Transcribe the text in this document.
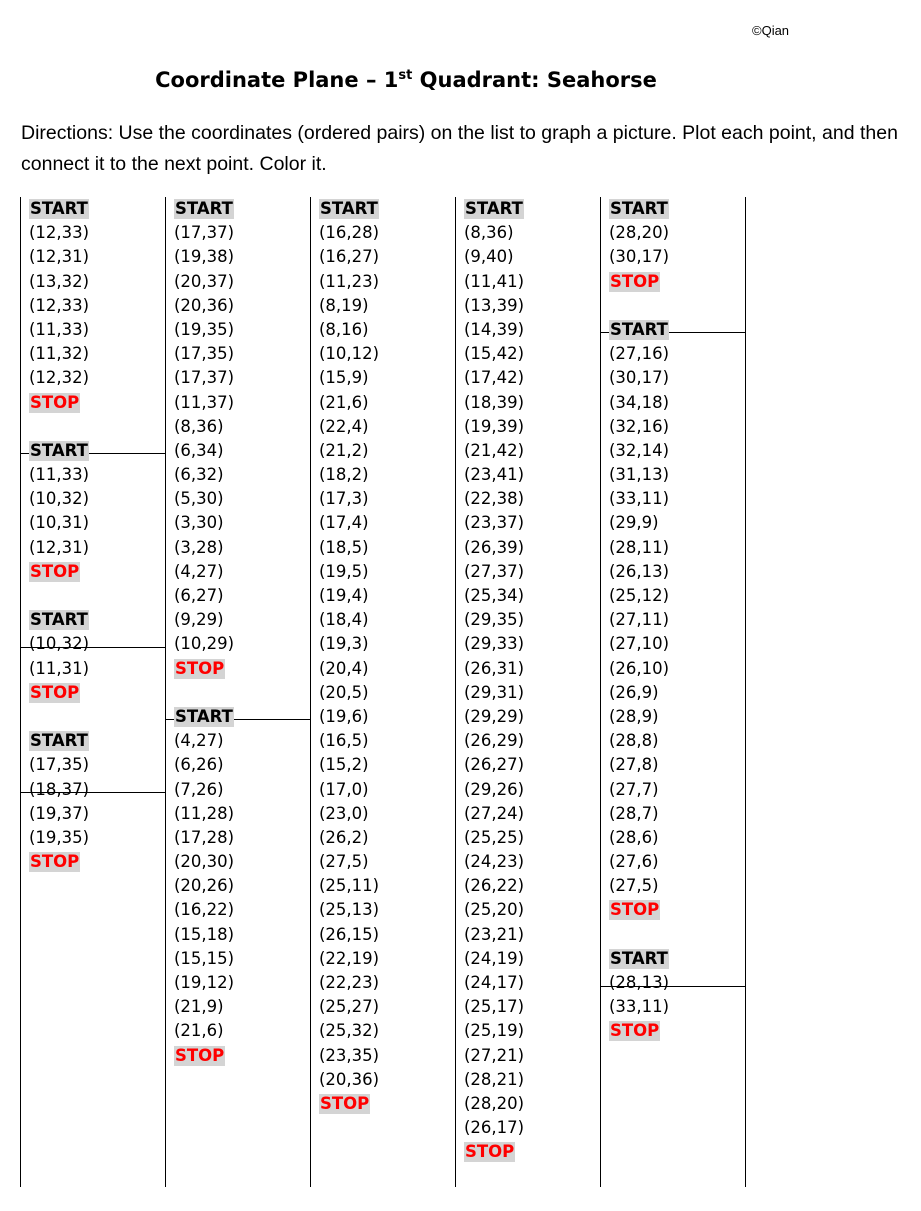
©Qian
Coordinate Plane – 1st Quadrant: Seahorse
Directions: Use the coordinates (ordered pairs) on the list to graph a picture. Plot each point, and then connect it to the next point. Color it.
START
(12,33)
(12,31)
(13,32)
(12,33)
(11,33)
(11,32)
(12,32)
STOP
START
(11,33)
(10,32)
(10,31)
(12,31)
STOP
START
(10,32)
(11,31)
STOP
START
(17,35)
(18,37)
(19,37)
(19,35)
STOP
START
(17,37)
(19,38)
(20,37)
(20,36)
(19,35)
(17,35)
(17,37)
(11,37)
(8,36)
(6,34)
(6,32)
(5,30)
(3,30)
(3,28)
(4,27)
(6,27)
(9,29)
(10,29)
STOP
START
(4,27)
(6,26)
(7,26)
(11,28)
(17,28)
(20,30)
(20,26)
(16,22)
(15,18)
(15,15)
(19,12)
(21,9)
(21,6)
STOP
START
(16,28)
(16,27)
(11,23)
(8,19)
(8,16)
(10,12)
(15,9)
(21,6)
(22,4)
(21,2)
(18,2)
(17,3)
(17,4)
(18,5)
(19,5)
(19,4)
(18,4)
(19,3)
(20,4)
(20,5)
(19,6)
(16,5)
(15,2)
(17,0)
(23,0)
(26,2)
(27,5)
(25,11)
(25,13)
(26,15)
(22,19)
(22,23)
(25,27)
(25,32)
(23,35)
(20,36)
STOP
START
(8,36)
(9,40)
(11,41)
(13,39)
(14,39)
(15,42)
(17,42)
(18,39)
(19,39)
(21,42)
(23,41)
(22,38)
(23,37)
(26,39)
(27,37)
(25,34)
(29,35)
(29,33)
(26,31)
(29,31)
(29,29)
(26,29)
(26,27)
(29,26)
(27,24)
(25,25)
(24,23)
(26,22)
(25,20)
(23,21)
(24,19)
(24,17)
(25,17)
(25,19)
(27,21)
(28,21)
(28,20)
(26,17)
STOP
START
(28,20)
(30,17)
STOP
START
(27,16)
(30,17)
(34,18)
(32,16)
(32,14)
(31,13)
(33,11)
(29,9)
(28,11)
(26,13)
(25,12)
(27,11)
(27,10)
(26,10)
(26,9)
(28,9)
(28,8)
(27,8)
(27,7)
(28,7)
(28,6)
(27,6)
(27,5)
STOP
START
(28,13)
(33,11)
STOP
